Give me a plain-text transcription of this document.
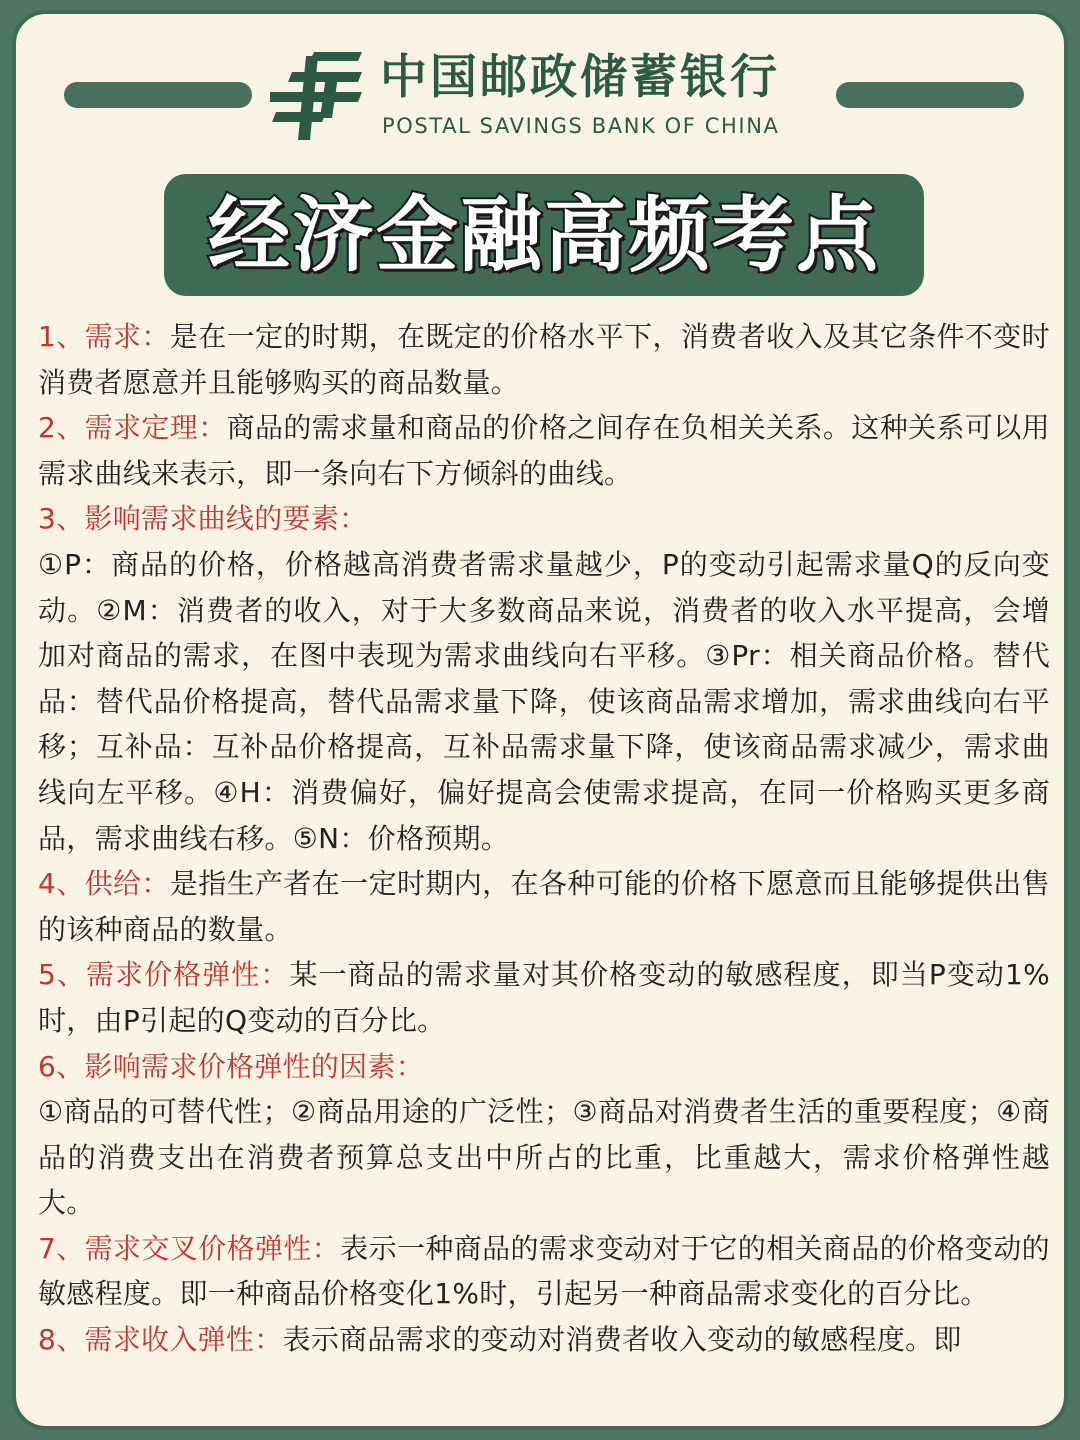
中国邮政储蓄银行
POSTAL SAVINGS BANK OF CHINA
经济金融高频考点

1、需求：是在一定的时期，在既定的价格水平下，消费者收入及其它条件不变时消费者愿意并且能够购买的商品数量。

2、需求定理：商品的需求量和商品的价格之间存在负相关关系。这种关系可以用需求曲线来表示，即一条向右下方倾斜的曲线。

3、影响需求曲线的要素：

①P：商品的价格，价格越高消费者需求量越少，P的变动引起需求量Q的反向变动。②M：消费者的收入，对于大多数商品来说，消费者的收入水平提高，会增加对商品的需求，在图中表现为需求曲线向右平移。③Pr：相关商品价格。替代品：替代品价格提高，替代品需求量下降，使该商品需求增加，需求曲线向右平移；互补品：互补品价格提高，互补品需求量下降，使该商品需求减少，需求曲线向左平移。④H：消费偏好，偏好提高会使需求提高，在同一价格购买更多商品，需求曲线右移。⑤N：价格预期。

4、供给：是指生产者在一定时期内，在各种可能的价格下愿意而且能够提供出售的该种商品的数量。

5、需求价格弹性：某一商品的需求量对其价格变动的敏感程度，即当P变动1%时，由P引起的Q变动的百分比。

6、影响需求价格弹性的因素：

①商品的可替代性；②商品用途的广泛性；③商品对消费者生活的重要程度；④商品的消费支出在消费者预算总支出中所占的比重，比重越大，需求价格弹性越大。

7、需求交叉价格弹性：表示一种商品的需求变动对于它的相关商品的价格变动的敏感程度。即一种商品价格变化1%时，引起另一种商品需求变化的百分比。

8、需求收入弹性：表示商品需求的变动对消费者收入变动的敏感程度。即
